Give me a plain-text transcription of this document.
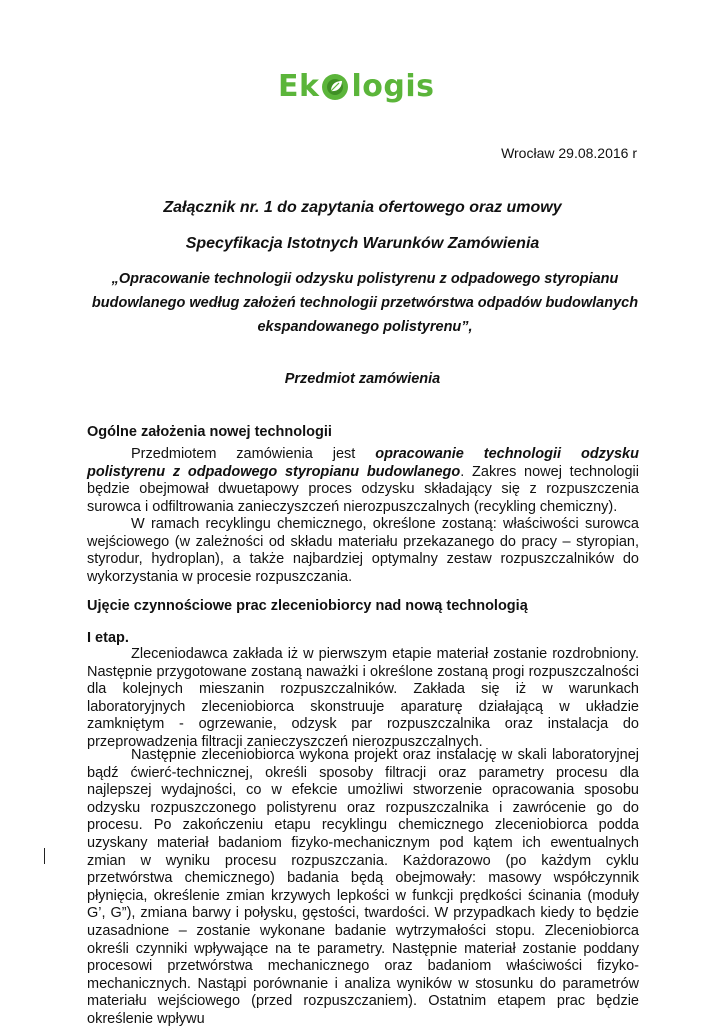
Ek logis
Wrocław 29.08.2016 r
Załącznik nr. 1 do zapytania ofertowego oraz umowy
Specyfikacja Istotnych Warunków Zamówienia
„Opracowanie technologii odzysku polistyrenu z odpadowego styropianu budowlanego według założeń technologii przetwórstwa odpadów budowlanych ekspandowanego polistyrenu”,
Przedmiot zamówienia
Ogólne założenia nowej technologii

Przedmiotem zamówienia jest opracowanie technologii odzysku polistyrenu z odpadowego styropianu budowlanego. Zakres nowej technologii będzie obejmował dwuetapowy proces odzysku składający się z rozpuszczenia surowca i odfiltrowania zanieczyszczeń nierozpuszczalnych (recykling chemiczny).

W ramach recyklingu chemicznego, określone zostaną: właściwości surowca wejściowego (w zależności od składu materiału przekazanego do pracy – styropian, styrodur, hydroplan), a także najbardziej optymalny zestaw rozpuszczalników do wykorzystania w procesie rozpuszczania.

Ujęcie czynnościowe prac zleceniobiorcy nad nową technologią
I etap.

Zleceniodawca zakłada iż w pierwszym etapie materiał zostanie rozdrobniony. Następnie przygotowane zostaną naważki i określone zostaną progi rozpuszczalności dla kolejnych mieszanin rozpuszczalników. Zakłada się iż w warunkach laboratoryjnych zleceniobiorca skonstruuje aparaturę działającą w układzie zamkniętym - ogrzewanie, odzysk par rozpuszczalnika oraz instalacja do przeprowadzenia filtracji zanieczyszczeń nierozpuszczalnych.

Następnie zleceniobiorca wykona projekt oraz instalację w skali laboratoryjnej bądź ćwierć-technicznej, określi sposoby filtracji oraz parametry procesu dla najlepszej wydajności, co w efekcie umożliwi stworzenie opracowania sposobu odzysku rozpuszczonego polistyrenu oraz rozpuszczalnika i zawrócenie go do procesu. Po zakończeniu etapu recyklingu chemicznego zleceniobiorca podda uzyskany materiał badaniom fizyko-mechanicznym pod kątem ich ewentualnych zmian w wyniku procesu rozpuszczania. Każdorazowo (po każdym cyklu przetwórstwa chemicznego) badania będą obejmowały: masowy współczynnik płynięcia, określenie zmian krzywych lepkości w funkcji prędkości ścinania (moduły G’, G”), zmiana barwy i połysku, gęstości, twardości. W przypadkach kiedy to będzie uzasadnione – zostanie wykonane badanie wytrzymałości stopu. Zleceniobiorca określi czynniki wpływające na te parametry. Następnie materiał zostanie poddany procesowi przetwórstwa mechanicznego oraz badaniom właściwości fizyko-mechanicznych. Nastąpi porównanie i analiza wyników w stosunku do parametrów materiału wejściowego (przed rozpuszczaniem). Ostatnim etapem prac będzie określenie wpływu
